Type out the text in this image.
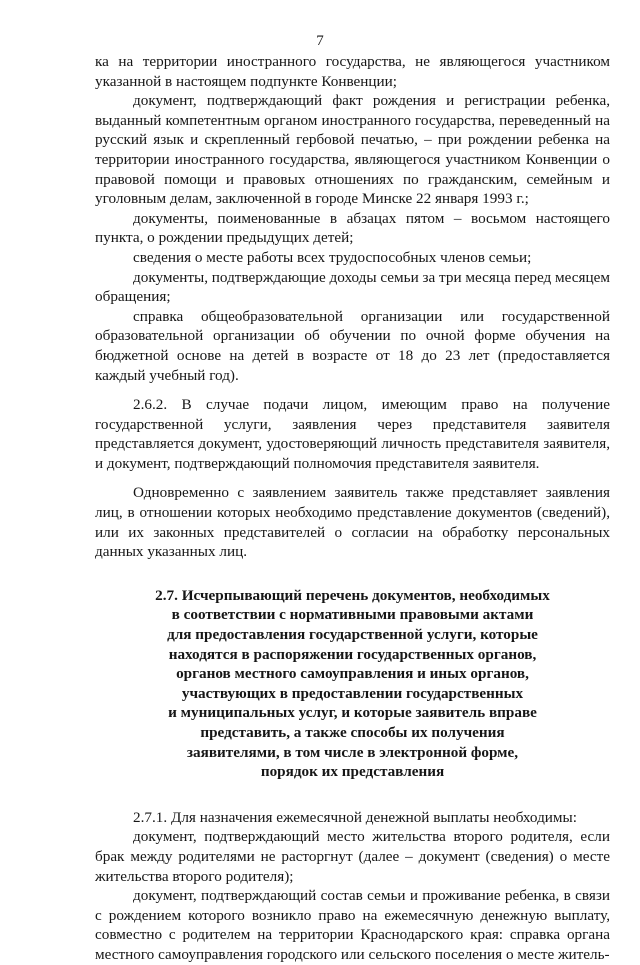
7

ка на территории иностранного государства, не являющегося участником указанной в настоящем подпункте Конвенции;

документ, подтверждающий факт рождения и регистрации ребенка, выданный компетентным органом иностранного государства, переведенный на русский язык и скрепленный гербовой печатью, – при рождении ребенка на территории иностранного государства, являющегося участником Конвенции о правовой помощи и правовых отношениях по гражданским, семейным и уголовным делам, заключенной в городе Минске 22 января 1993 г.;

документы, поименованные в абзацах пятом – восьмом настоящего пункта, о рождении предыдущих детей;

сведения о месте работы всех трудоспособных членов семьи;

документы, подтверждающие доходы семьи за три месяца перед месяцем обращения;

справка общеобразовательной организации или государственной образовательной организации об обучении по очной форме обучения на бюджетной основе на детей в возрасте от 18 до 23 лет (предоставляется каждый учебный год).

2.6.2. В случае подачи лицом, имеющим право на получение государственной услуги, заявления через представителя заявителя представляется документ, удостоверяющий личность представителя заявителя, и документ, подтверждающий полномочия представителя заявителя.

Одновременно с заявлением заявитель также представляет заявления лиц, в отношении которых необходимо представление документов (сведений), или их законных представителей о согласии на обработку персональных данных указанных лиц.

2.7. Исчерпывающий перечень документов, необходимых
в соответствии с нормативными правовыми актами
для предоставления государственной услуги, которые
находятся в распоряжении государственных органов,
органов местного самоуправления и иных органов,
участвующих в предоставлении государственных
и муниципальных услуг, и которые заявитель вправе
представить, а также способы их получения
заявителями, в том числе в электронной форме,
порядок их представления

2.7.1. Для назначения ежемесячной денежной выплаты необходимы:

документ, подтверждающий место жительства второго родителя, если брак между родителями не расторгнут (далее – документ (сведения) о месте жительства второго родителя);

документ, подтверждающий состав семьи и проживание ребенка, в связи с рождением которого возникло право на ежемесячную денежную выплату, совместно с родителем на территории Краснодарского края: справка органа местного самоуправления городского или сельского поселения о месте житель-
